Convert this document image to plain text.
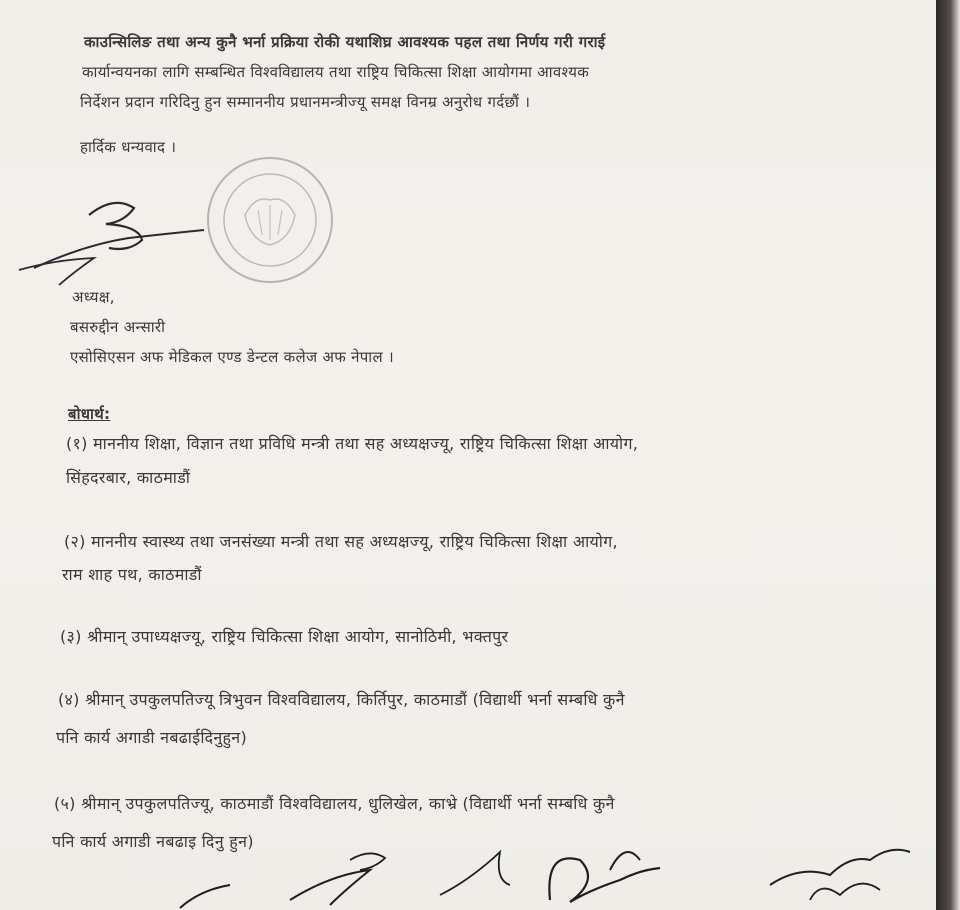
काउन्सिलिङ तथा अन्य कुनै भर्ना प्रक्रिया रोकी यथाशिघ्र आवश्यक पहल तथा निर्णय गरी गराई
कार्यान्वयनका लागि सम्बन्धित विश्वविद्यालय तथा राष्ट्रिय चिकित्सा शिक्षा आयोगमा आवश्यक
निर्देशन प्रदान गरिदिनु हुन सम्माननीय प्रधानमन्त्रीज्यू समक्ष विनम्र अनुरोध गर्दछौं ।
हार्दिक धन्यवाद ।
अध्यक्ष,
बसरुद्दीन अन्सारी
एसोसिएसन अफ मेडिकल एण्ड डेन्टल कलेज अफ नेपाल ।
बोधार्थ:
(१) माननीय शिक्षा, विज्ञान तथा प्रविधि मन्त्री तथा सह अध्यक्षज्यू, राष्ट्रिय चिकित्सा शिक्षा आयोग,
सिंहदरबार, काठमाडौं
(२) माननीय स्वास्थ्य तथा जनसंख्या मन्त्री तथा सह अध्यक्षज्यू, राष्ट्रिय चिकित्सा शिक्षा आयोग,
राम शाह पथ, काठमाडौं
(३) श्रीमान् उपाध्यक्षज्यू, राष्ट्रिय चिकित्सा शिक्षा आयोग, सानोठिमी, भक्तपुर
(४) श्रीमान् उपकुलपतिज्यू त्रिभुवन विश्वविद्यालय, किर्तिपुर, काठमाडौं (विद्यार्थी भर्ना सम्बधि कुनै
पनि कार्य अगाडी नबढाईदिनुहुन)
(५) श्रीमान् उपकुलपतिज्यू, काठमाडौं विश्वविद्यालय, धुलिखेल, काभ्रे (विद्यार्थी भर्ना सम्बधि कुनै
पनि कार्य अगाडी नबढाइ दिनु हुन)
